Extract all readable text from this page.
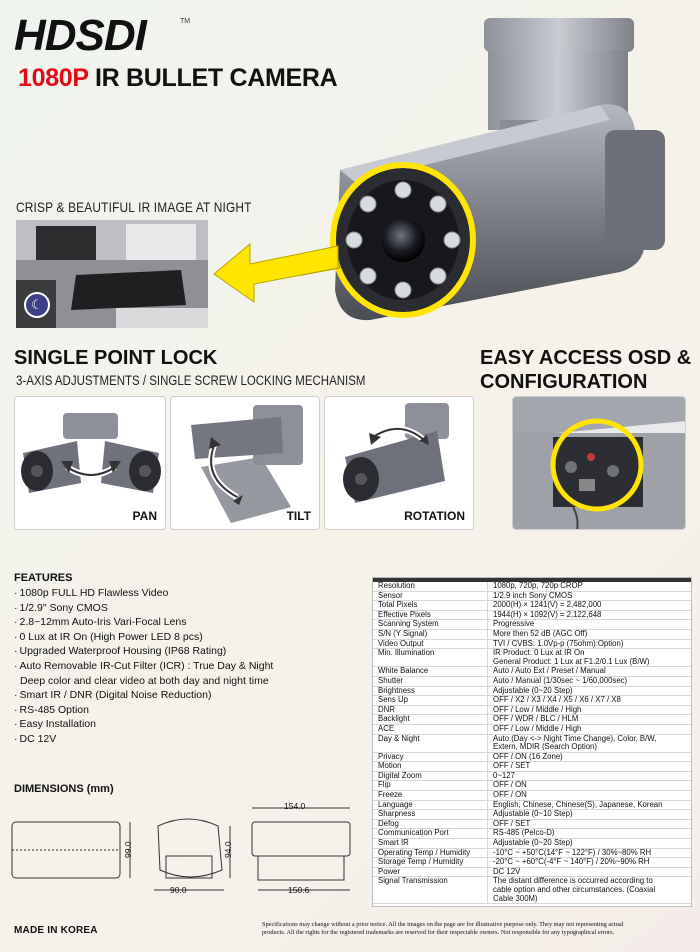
HDSDI	TM
1080P IR BULLET CAMERA
CRISP & BEAUTIFUL IR IMAGE AT NIGHT
☾
SINGLE POINT LOCK
3-AXIS ADJUSTMENTS / SINGLE SCREW LOCKING MECHANISM
PAN	TILT	ROTATION
EASY ACCESS OSD &
CONFIGURATION
FEATURES
· 1080p FULL HD Flawless Video
· 1/2.9" Sony CMOS
· 2.8~12mm Auto-Iris Vari-Focal Lens
· 0 Lux at IR On (High Power LED 8 pcs)
· Upgraded Waterproof Housing (IP68 Rating)
· Auto Removable IR-Cut Filter (ICR) : True Day & Night
Deep color and clear video at both day and night time
· Smart IR / DNR (Digital Noise Reduction)
· RS-485 Option
· Easy Installation
· DC 12V
DIMENSIONS (mm)
99.0
90.0
154.0
94.0
150.6
Resolution	1080p, 720p, 720p CROP
Sensor	1/2.9 inch Sony CMOS
Total Pixels	2000(H) × 1241(V) = 2,482,000
Effective Pixels	1944(H) × 1092(V) = 2,122,648
Scanning System	Progressive
S/N (Y Signal)	More then 52 dB (AGC Off)
Video Output	TVI / CVBS: 1.0Vp-p (75ohm):Option)
Min. Illumination	IR Product: 0 Lux at IR On
General Product: 1 Lux at F1.2/0.1 Lux (B/W)
White Balance	Auto / Auto Ext / Preset / Manual
Shutter	Auto / Manual (1/30sec ~ 1/60,000sec)
Brightness	Adjustable (0~20 Step)
Sens Up	OFF / X2 / X3 / X4 / X5 / X6 / X7 / X8
DNR	OFF / Low / Middle / High
Backlight	OFF / WDR / BLC / HLM
ACE	OFF / Low / Middle / High
Day & Night	Auto (Day <-> Night Time Change), Color, B/W,
Extern, MDIR (Search Option)
Privacy	OFF / ON (16 Zone)
Motion	OFF / SET
Digital Zoom	0~127
Flip	OFF / ON
Freeze	OFF / ON
Language	English, Chinese, Chinese(S), Japanese, Korean
Sharpness	Adjustable (0~10 Step)
Defog	OFF / SET
Communication Port	RS-485 (Pelco-D)
Smart IR	Adjustable (0~20 Step)
Operating Temp / Humidity	-10°C ~ +50°C(14°F ~ 122°F) / 30%~80% RH
Storage Temp / Humidity	-20°C ~ +60°C(-4°F ~ 140°F) / 20%~90% RH
Power	DC 12V
Signal Transmission	The distant difference is occurred according to
cable option and other circumstances. (Coaxial
Cable 300M)
MADE IN KOREA
Specifications may change without a prior notice. All the images on the page are for illustrative purpose only. They may not representing actual
products. All the rights for the registered trademarks are reserved for their respectable owners. Not responsible for any typographical errors.
